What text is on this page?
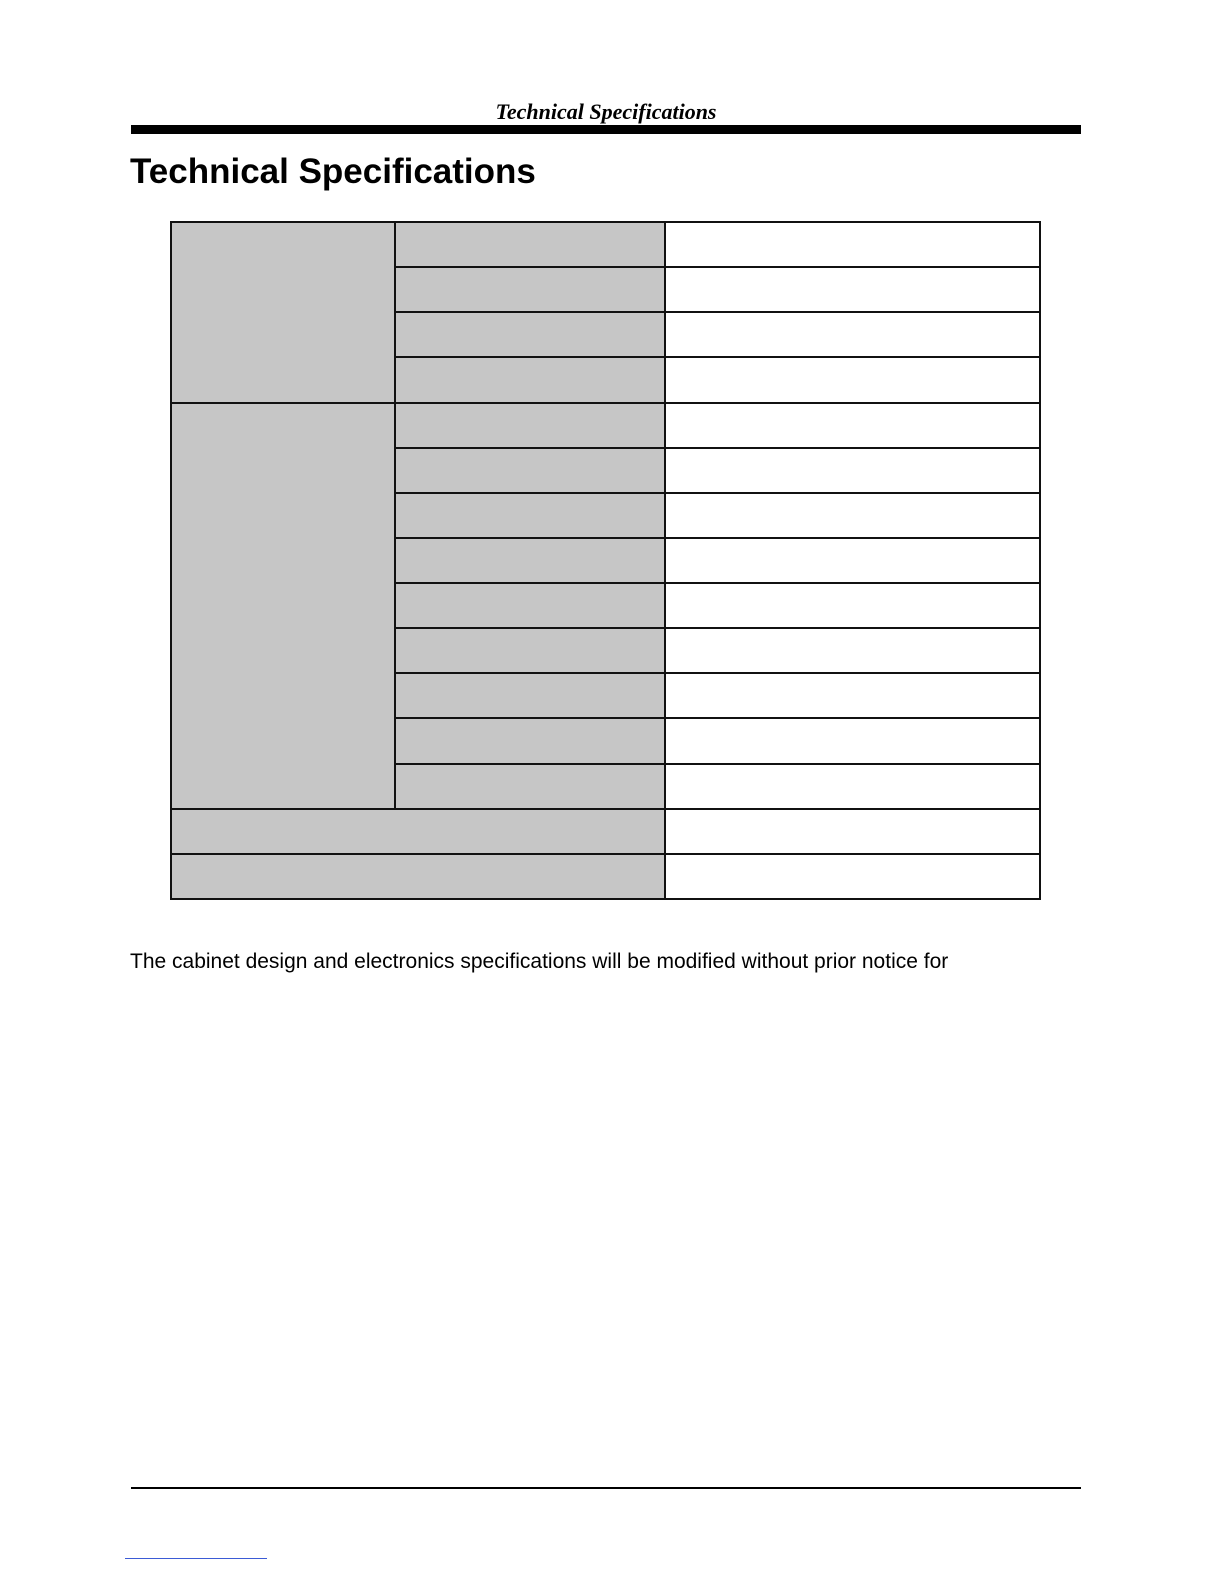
Technical Specifications
Technical Specifications

The cabinet design and electronics specifications will be modified without prior notice for
